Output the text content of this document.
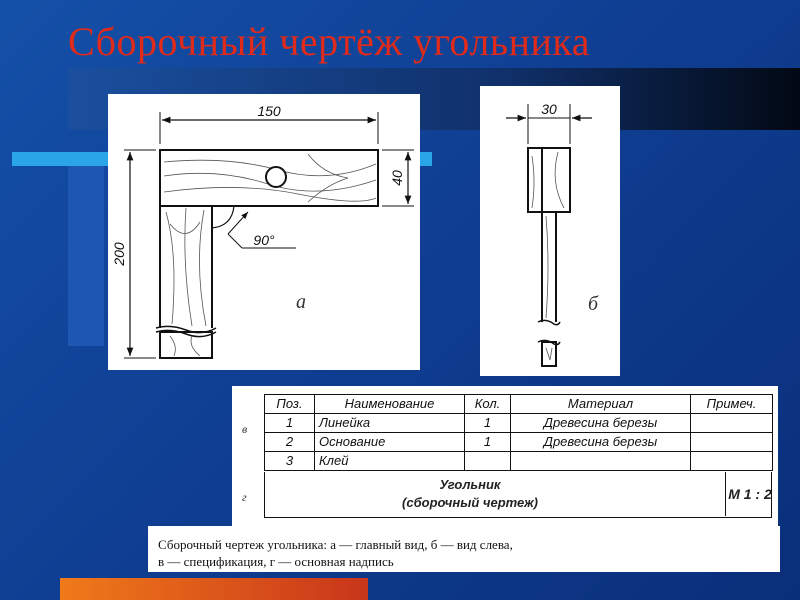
Сборочный чертёж угольника
150
200
40
90°
а
30
б
в
г
Поз.	Наименование	Кол.	Материал	Примеч.
1	Линейка	1	Древесина березы	
2	Основание	1	Древесина березы	
3	Клей			
Угольник
(сборочный чертеж)
М 1 : 2
Сборочный чертеж угольника: а — главный вид, б — вид слева,
в — спецификация, г — основная надпись
